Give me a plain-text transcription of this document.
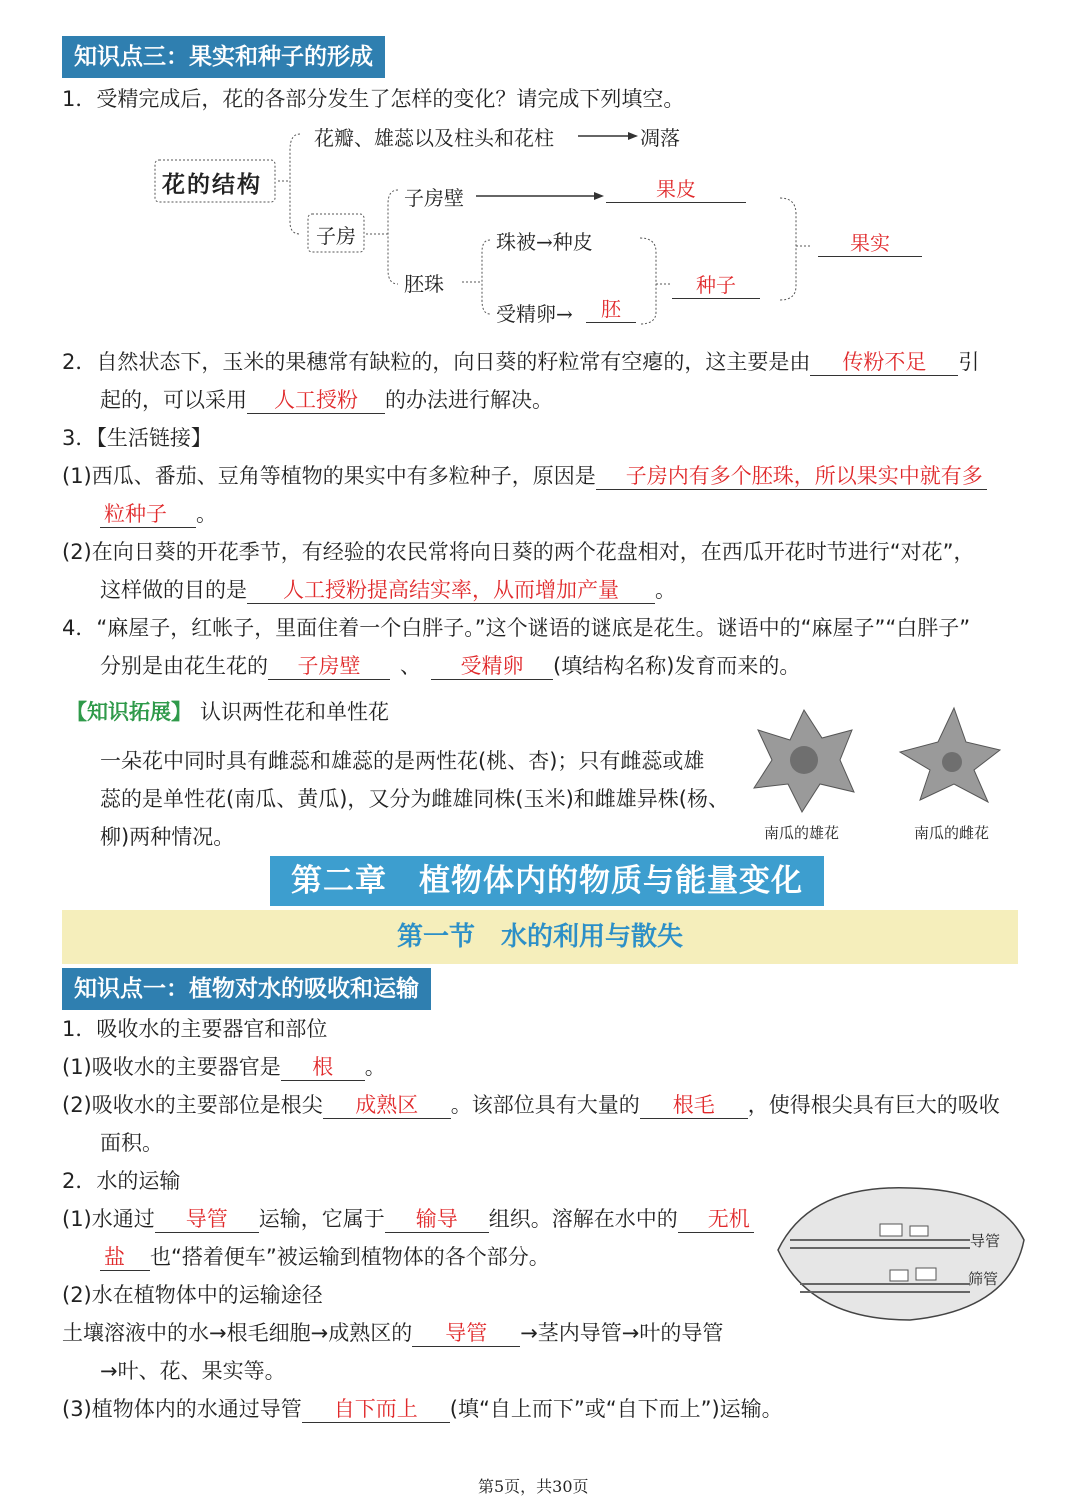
知识点三：果实和种子的形成
1．受精完成后，花的各部分发生了怎样的变化？请完成下列填空。
花的结构
花瓣、雄蕊以及柱头和花柱	凋落
子房
子房壁	果皮
胚珠
珠被→种皮
受精卵→	胚
种子
果实
2．自然状态下，玉米的果穗常有缺粒的，向日葵的籽粒常有空瘪的，这主要是由 传粉不足 引
起的，可以采用 人工授粉 的办法进行解决。
3．【生活链接】
(1)西瓜、番茄、豆角等植物的果实中有多粒种子，原因是 子房内有多个胚珠，所以果实中就有多
粒种子 。
(2)在向日葵的开花季节，有经验的农民常将向日葵的两个花盘相对，在西瓜开花时节进行“对花”，
这样做的目的是 人工授粉提高结实率，从而增加产量 。
4．“麻屋子，红帐子，里面住着一个白胖子。”这个谜语的谜底是花生。谜语中的“麻屋子”“白胖子”
分别是由花生花的 子房壁 、 受精卵 (填结构名称)发育而来的。
【知识拓展】 认识两性花和单性花
一朵花中同时具有雌蕊和雄蕊的是两性花(桃、杏)；只有雌蕊或雄
蕊的是单性花(南瓜、黄瓜)，又分为雌雄同株(玉米)和雌雄异株(杨、
柳)两种情况。	南瓜的雄花	南瓜的雌花
第二章　植物体内的物质与能量变化
第一节　水的利用与散失
知识点一：植物对水的吸收和运输
1．吸收水的主要器官和部位
(1)吸收水的主要器官是 根 。
(2)吸收水的主要部位是根尖 成熟区 。该部位具有大量的 根毛 ，使得根尖具有巨大的吸收
面积。
2．水的运输
(1)水通过 导管 运输，它属于 输导 组织。溶解在水中的 无机
盐 也“搭着便车”被运输到植物体的各个部分。
(2)水在植物体中的运输途径
土壤溶液中的水→根毛细胞→成熟区的 导管 →茎内导管→叶的导管
→叶、花、果实等。
(3)植物体内的水通过导管 自下而上 (填“自上而下”或“自下而上”)运输。
导管
筛管
第5页，共30页
